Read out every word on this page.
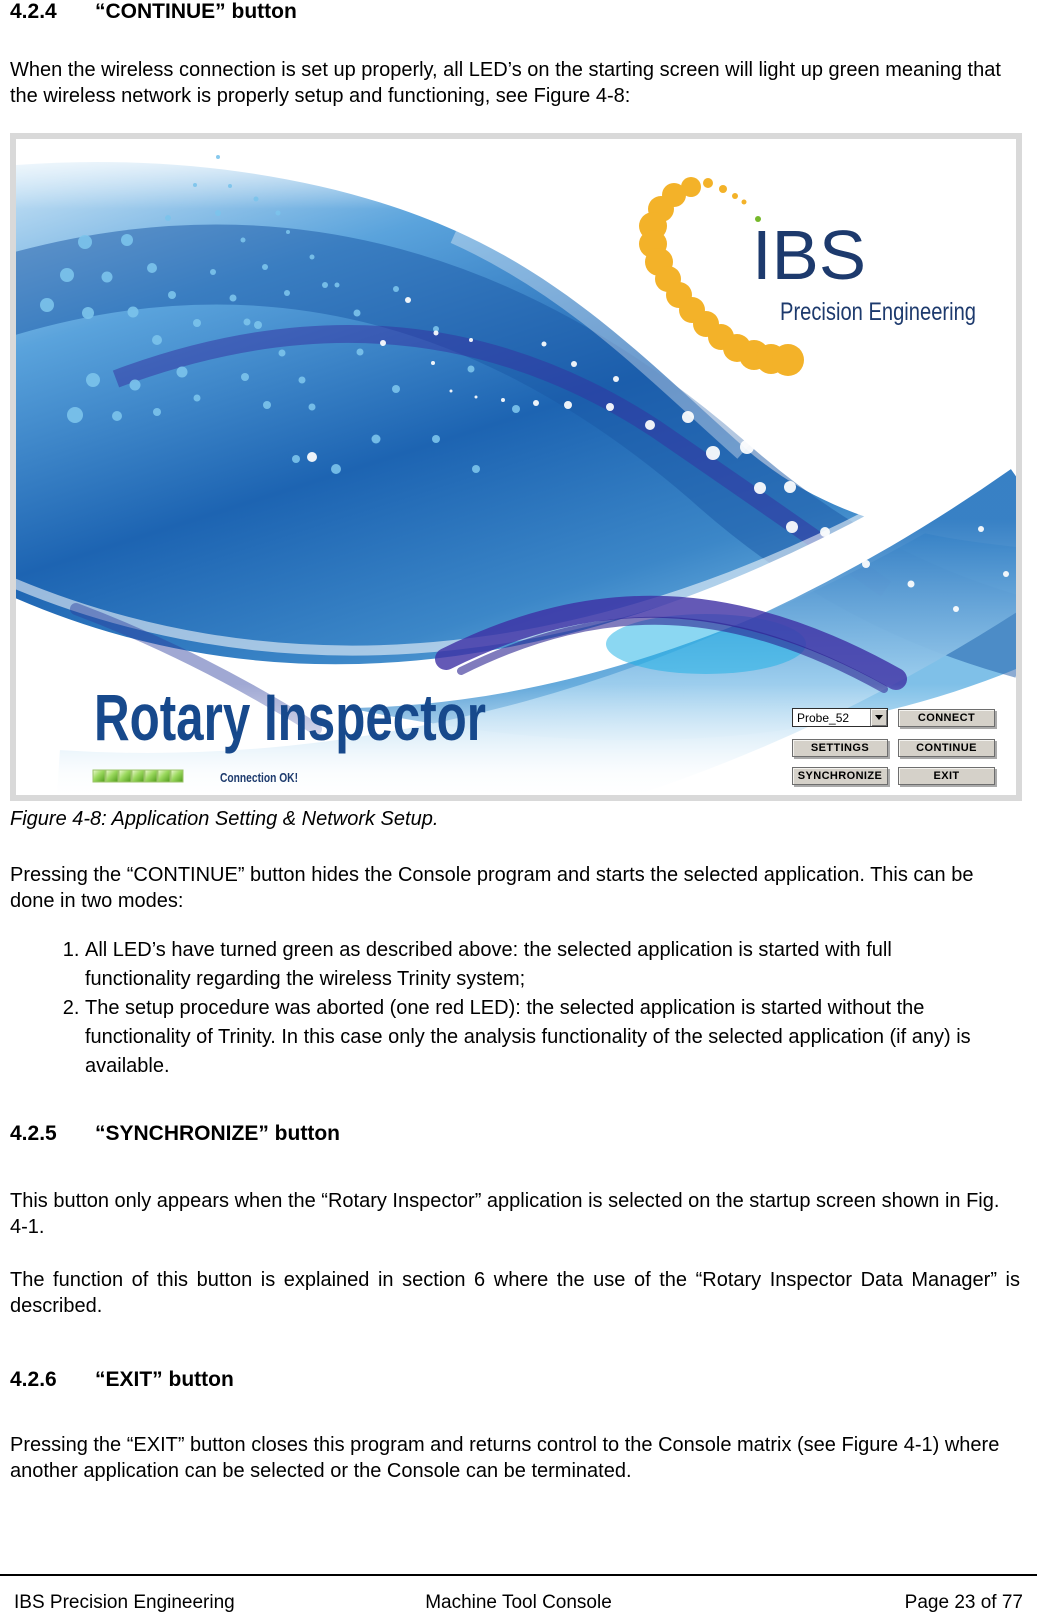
4.2.4 “CONTINUE” button
When the wireless connection is set up properly, all LED’s on the starting screen will light up green meaning that the wireless network is properly setup and functioning, see Figure 4-8:
IBS
Precision Engineering
Rotary Inspector
Connection OK!
Probe_52	CONNECT
SETTINGS	CONTINUE
SYNCHRONIZE	EXIT
Figure 4-8: Application Setting & Network Setup.
Pressing the “CONTINUE” button hides the Console program and starts the selected application. This can be done in two modes:
1. All LED’s have turned green as described above: the selected application is started with full functionality regarding the wireless Trinity system;
2. The setup procedure was aborted (one red LED): the selected application is started without the functionality of Trinity. In this case only the analysis functionality of the selected application (if any) is available.
4.2.5 “SYNCHRONIZE” button
This button only appears when the “Rotary Inspector” application is selected on the startup screen shown in Fig. 4-1.
The function of this button is explained in section 6 where the use of the “Rotary Inspector Data Manager” is described.
4.2.6 “EXIT” button
Pressing the “EXIT” button closes this program and returns control to the Console matrix (see Figure 4-1) where another application can be selected or the Console can be terminated.
IBS Precision Engineering	Machine Tool Console	Page 23 of 77
